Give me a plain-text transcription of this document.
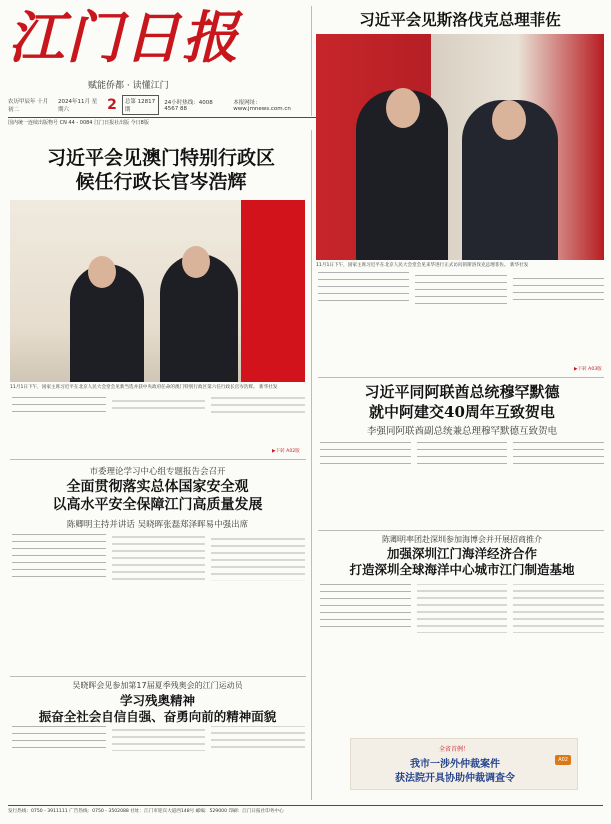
江门日报
赋能侨都 · 读懂江门
农历甲辰年 十月初二
2024年11月 星期六	2	总第 12817期
24小时热线：4008 4567 88
本报网址：www.jmnews.com.cn
国内统一连续出版物号 CN 44 - 0084 江门日报社出版 今日8版
习近平会见斯洛伐克总理菲佐
11月1日下午，国家主席习近平在北京人民大会堂会见来华进行正式访问的斯洛伐克总理菲佐。 新华社发
▶下转 A03版
习近平会见澳门特别行政区
候任行政长官岑浩辉
11月1日下午，国家主席习近平在北京人民大会堂会见新当选并获中央政府任命的澳门特别行政区第六任行政长官岑浩辉。 新华社发
▶下转 A02版
习近平同阿联酋总统穆罕默德
就中阿建交40周年互致贺电
李强同阿联酋副总统兼总理穆罕默德互致贺电
市委理论学习中心组专题报告会召开
全面贯彻落实总体国家安全观
以高水平安全保障江门高质量发展
陈卿明主持并讲话 吴晓晖张磊郑泽晖易中强出席
陈卿明率团赴深圳参加海博会并开展招商推介
加强深圳江门海洋经济合作
打造深圳全球海洋中心城市江门制造基地
吴晓晖会见参加第17届夏季残奥会的江门运动员
学习残奥精神
振奋全社会自信自强、奋勇向前的精神面貌
全省首例！
我市一涉外仲裁案件
获法院开具协助仲裁调查令
A02
发行热线：0750 - 3911111 广告热线：0750 - 3502088 社址：江门市迎宾大道西148号 邮编：529000 印刷：江门日报社印务中心
